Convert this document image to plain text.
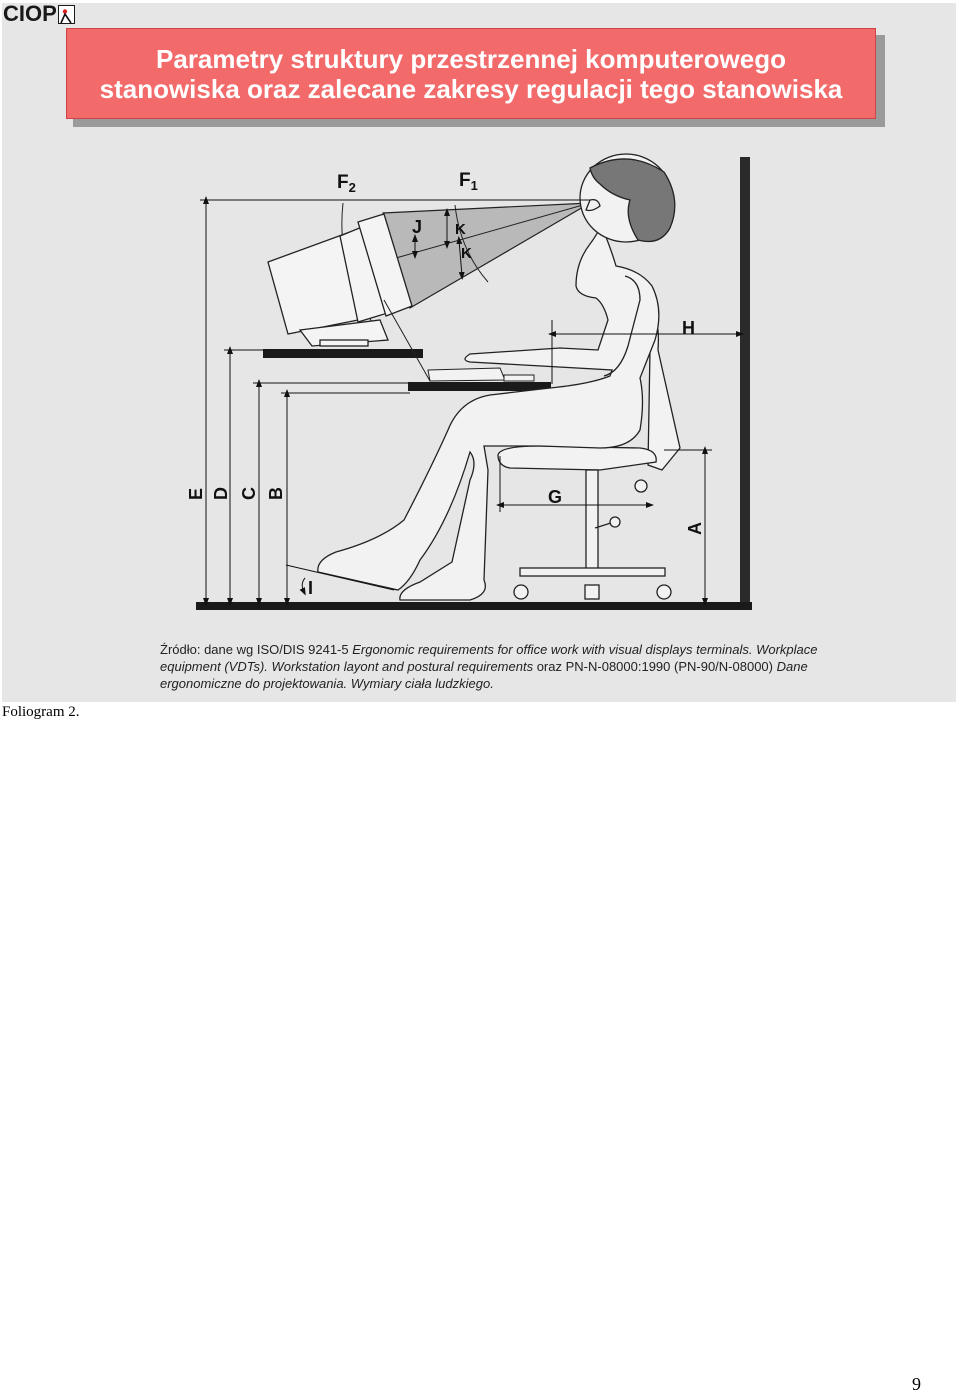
CIOP
Parametry struktury przestrzennej komputerowego
stanowiska oraz zalecane zakresy regulacji tego stanowiska
$F_2$	$F_1$
J K
K
H
G
I
A
B
C
D
E
Źródło: dane wg ISO/DIS 9241-5 Ergonomic requirements for office work with visual displays terminals. Workplace equipment (VDTs). Workstation layont and postural requirements oraz PN-N-08000:1990 (PN-90/N-08000) Dane ergonomiczne do projektowania. Wymiary ciała ludzkiego.
Foliogram 2.
9
